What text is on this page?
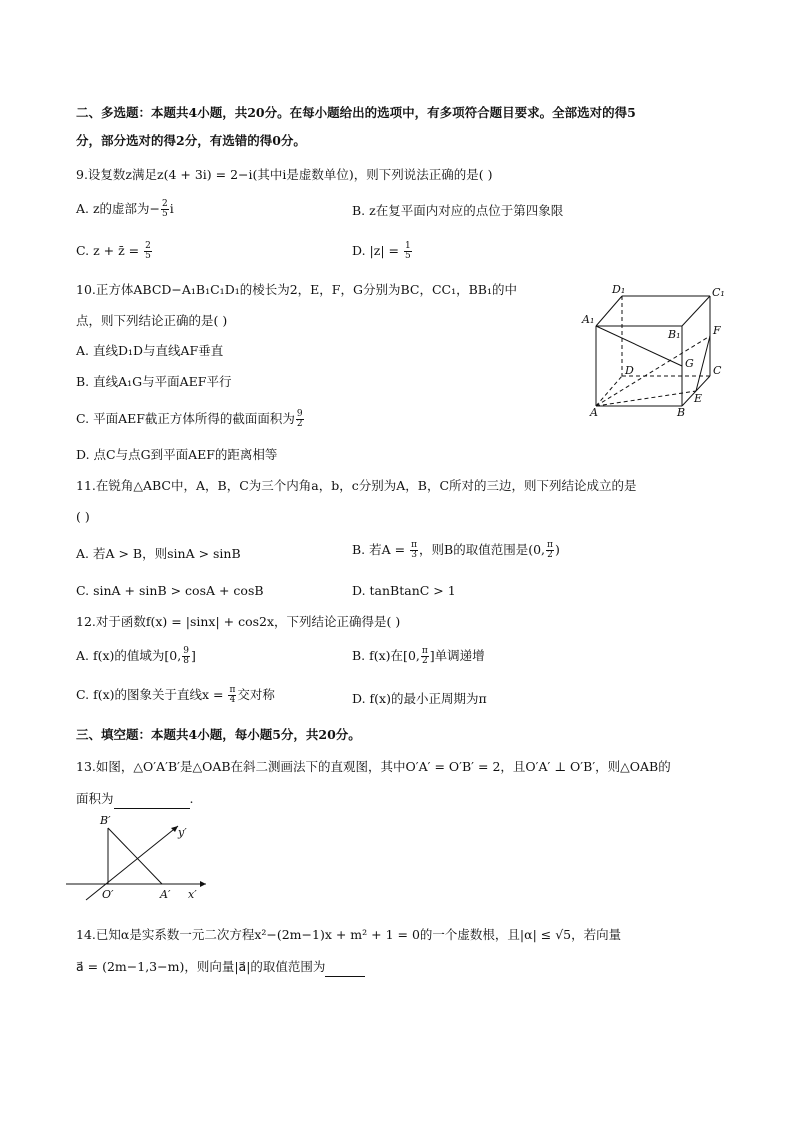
二、多选题：本题共4小题，共20分。在每小题给出的选项中，有多项符合题目要求。全部选对的得5
分，部分选对的得2分，有选错的得0分。
9.设复数z满足z(4 + 3i) = 2−i(其中i是虚数单位)，则下列说法正确的是( )
A. z的虚部为− $\frac{2}{5}$ i	B. z在复平面内对应的点位于第四象限
C. z + z̄ = $\frac{2}{5}$	D. $|z| = \frac{1}{5}$
10.正方体ABCD−A₁B₁C₁D₁的棱长为2，E，F，G分别为BC，CC₁，BB₁的中
点，则下列结论正确的是( )
A. 直线D₁D与直线AF垂直
B. 直线A₁G与平面AEF平行
C. 平面AEF截正方体所得的截面面积为 $\frac{9}{2}$
D. 点C与点G到平面AEF的距离相等
D₁	C₁
A₁
B₁	F
D	C
G
A	B
E
11.在锐角△ABC中，A，B，C为三个内角a，b，c分别为A，B，C所对的三边，则下列结论成立的是
( )
A. 若A > B，则sinA > sinB	B. 若$A = \frac{\pi}{3}$ ，则B的取值范围是(0, $\frac{\pi}{2}$ )
C. sinA + sinB > cosA + cosB	D. tanBtanC > 1
12.对于函数f(x) = |sinx| + cos2x，下列结论正确得是( )
A. f(x)的值域为[0, $\frac{9}{8}$ ]	B. f(x)在[0, $\frac{\pi}{2}$ ]单调递增
C. f(x)的图象关于直线$x = \frac{\pi}{4}$ 交对称	D. f(x)的最小正周期为π
三、填空题：本题共4小题，每小题5分，共20分。
13.如图，△O′A′B′是△OAB在斜二测画法下的直观图，其中O′A′ = O′B′ = 2，且O′A′ ⊥ O′B′，则△OAB的
面积为	.
B′
y′
O′	A′ x′
14.已知α是实系数一元二次方程x²−(2m−1)x + m² + 1 = 0的一个虚数根，且|α| ≤ √5，若向量
a⃗ = (2m−1,3−m)，则向量|a⃗|的取值范围为
